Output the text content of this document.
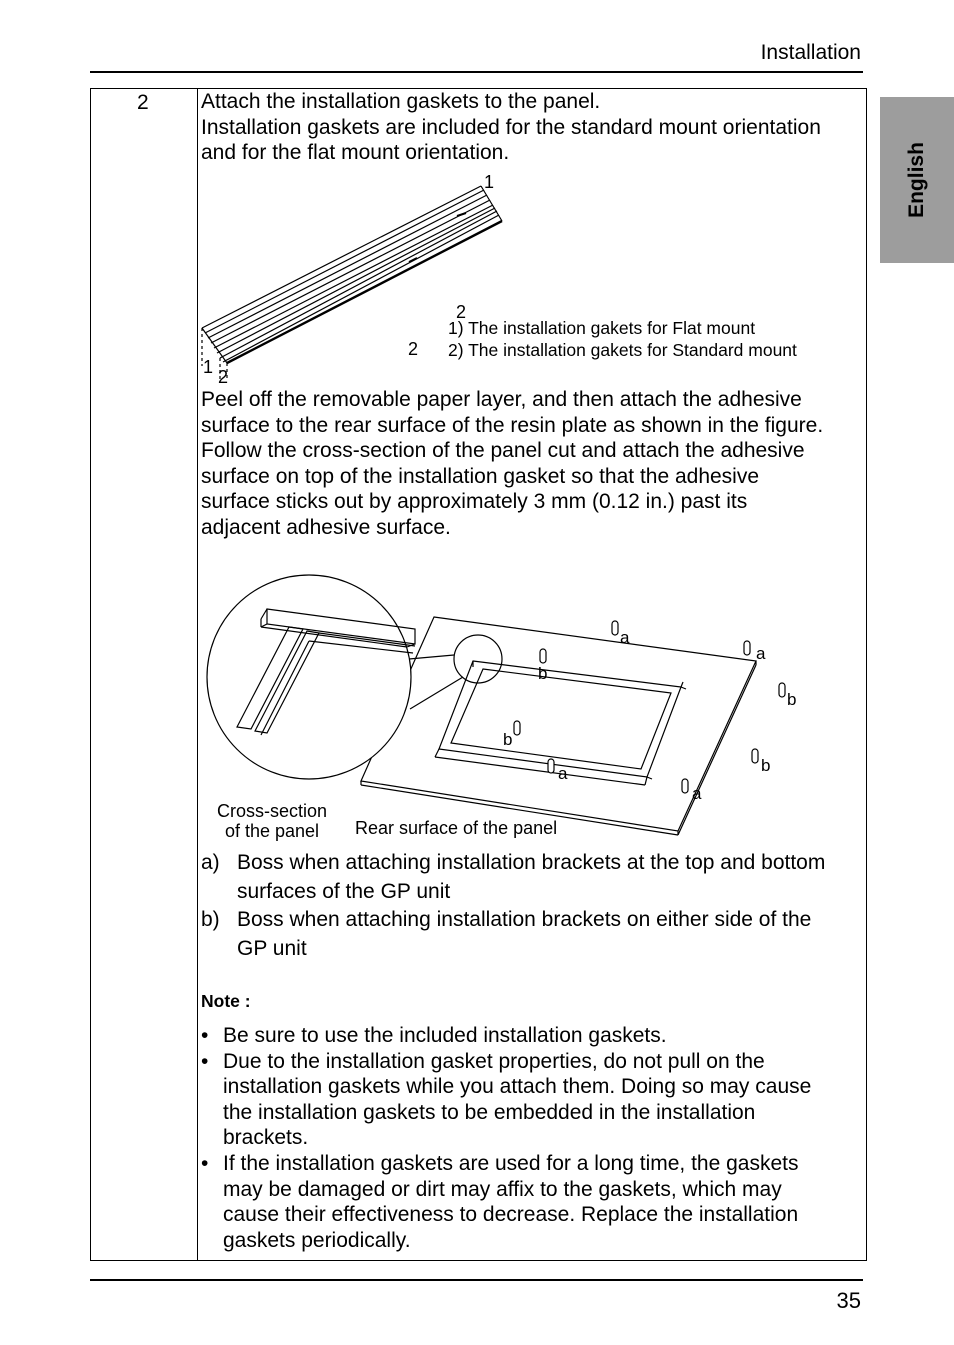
Installation
English
2 Attach the installation gaskets to the panel.
Installation gaskets are included for the standard mount orientation
and for the flat mount orientation.
1
2
2
1 2
1) The installation gakets for Flat mount
2) The installation gakets for Standard mount
Peel off the removable paper layer, and then attach the adhesive
surface to the rear surface of the resin plate as shown in the figure.
Follow the cross-section of the panel cut and attach the adhesive
surface on top of the installation gasket so that the adhesive
surface sticks out by approximately 3 mm (0.12 in.) past its
adjacent adhesive surface.
a
a
b
b
b
b
a
a
Cross-section
of the panel	Rear surface of the panel
a) Boss when attaching installation brackets at the top and bottom
surfaces of the GP unit
b) Boss when attaching installation brackets on either side of the
GP unit
Note :
• Be sure to use the included installation gaskets.
• Due to the installation gasket properties, do not pull on the
installation gaskets while you attach them. Doing so may cause
the installation gaskets to be embedded in the installation
brackets.
• If the installation gaskets are used for a long time, the gaskets
may be damaged or dirt may affix to the gaskets, which may
cause their effectiveness to decrease. Replace the installation
gaskets periodically.
35
